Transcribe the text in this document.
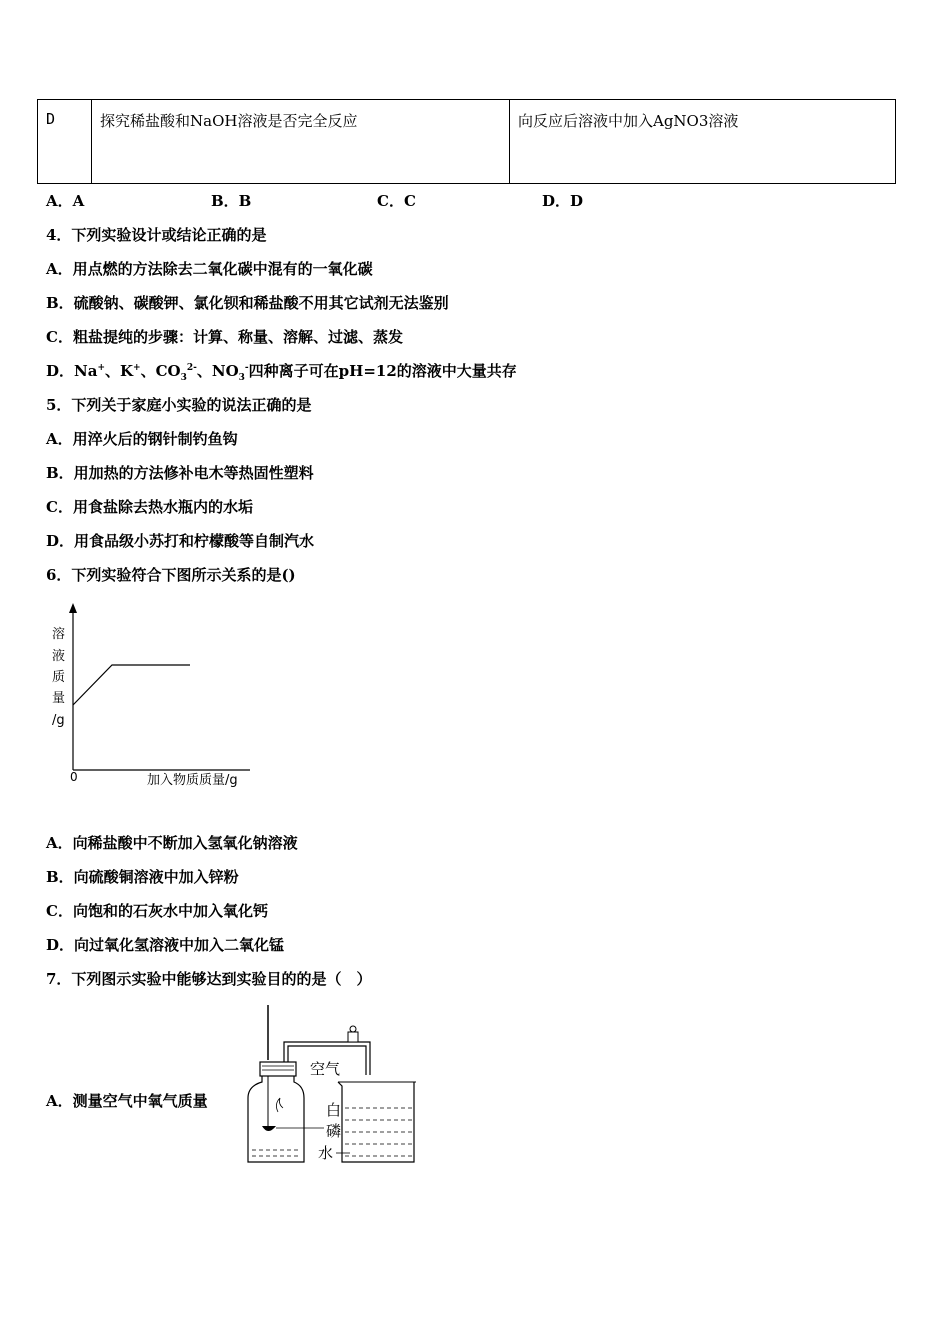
D	探究稀盐酸和NaOH溶液是否完全反应	向反应后溶液中加入AgNO3溶液
A．A	B．B	C．C	D．D
4．下列实验设计或结论正确的是
A．用点燃的方法除去二氧化碳中混有的一氧化碳
B．硫酸钠、碳酸钾、氯化钡和稀盐酸不用其它试剂无法鉴别
C．粗盐提纯的步骤：计算、称量、溶解、过滤、蒸发
D．Na+、K+、$CO_3^{2-}$、$NO_3^-$四种离子可在pH=12的溶液中大量共存
5．下列关于家庭小实验的说法正确的是
A．用淬火后的钢针制钓鱼钩
B．用加热的方法修补电木等热固性塑料
C．用食盐除去热水瓶内的水垢
D．用食品级小苏打和柠檬酸等自制汽水
6．下列实验符合下图所示关系的是()
溶
液
质
量
/g
0	加入物质质量/g
A．向稀盐酸中不断加入氢氧化钠溶液
B．向硫酸铜溶液中加入锌粉
C．向饱和的石灰水中加入氧化钙
D．向过氧化氢溶液中加入二氧化锰
7．下列图示实验中能够达到实验目的的是（　）
A．测量空气中氧气质量
空气
白
磷
水
